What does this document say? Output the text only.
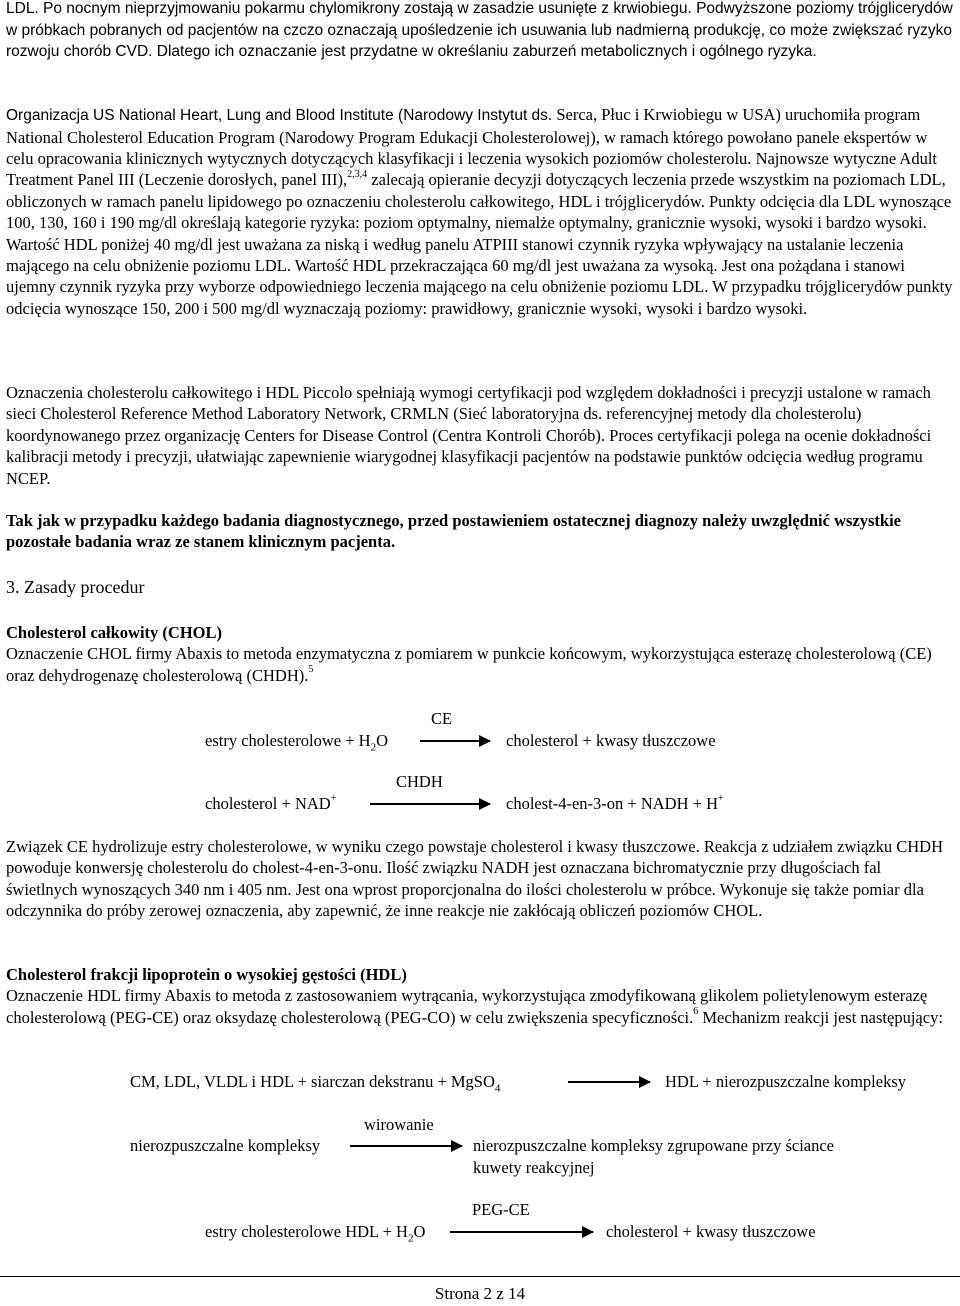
LDL. Po nocnym nieprzyjmowaniu pokarmu chylomikrony zostają w zasadzie usunięte z krwiobiegu. Podwyższone poziomy trójglicerydów w próbkach pobranych od pacjentów na czczo oznaczają upośledzenie ich usuwania lub nadmierną produkcję, co może zwiększać ryzyko rozwoju chorób CVD. Dlatego ich oznaczanie jest przydatne w określaniu zaburzeń metabolicznych i ogólnego ryzyka.

Organizacja US National Heart, Lung and Blood Institute (Narodowy Instytut ds. Serca, Płuc i Krwiobiegu w USA) uruchomiła program National Cholesterol Education Program (Narodowy Program Edukacji Cholesterolowej), w ramach którego powołano panele ekspertów w celu opracowania klinicznych wytycznych dotyczących klasyfikacji i leczenia wysokich poziomów cholesterolu. Najnowsze wytyczne Adult Treatment Panel III (Leczenie dorosłych, panel III),$^{2,3,4}$ zalecają opieranie decyzji dotyczących leczenia przede wszystkim na poziomach LDL, obliczonych w ramach panelu lipidowego po oznaczeniu cholesterolu całkowitego, HDL i trójglicerydów. Punkty odcięcia dla LDL wynoszące 100, 130, 160 i 190 mg/dl określają kategorie ryzyka: poziom optymalny, niemalże optymalny, granicznie wysoki, wysoki i bardzo wysoki. Wartość HDL poniżej 40 mg/dl jest uważana za niską i według panelu ATPIII stanowi czynnik ryzyka wpływający na ustalanie leczenia mającego na celu obniżenie poziomu LDL. Wartość HDL przekraczająca 60 mg/dl jest uważana za wysoką. Jest ona pożądana i stanowi ujemny czynnik ryzyka przy wyborze odpowiedniego leczenia mającego na celu obniżenie poziomu LDL. W przypadku trójglicerydów punkty odcięcia wynoszące 150, 200 i 500 mg/dl wyznaczają poziomy: prawidłowy, granicznie wysoki, wysoki i bardzo wysoki.

Oznaczenia cholesterolu całkowitego i HDL Piccolo spełniają wymogi certyfikacji pod względem dokładności i precyzji ustalone w ramach sieci Cholesterol Reference Method Laboratory Network, CRMLN (Sieć laboratoryjna ds. referencyjnej metody dla cholesterolu) koordynowanego przez organizację Centers for Disease Control (Centra Kontroli Chorób). Proces certyfikacji polega na ocenie dokładności kalibracji metody i precyzji, ułatwiając zapewnienie wiarygodnej klasyfikacji pacjentów na podstawie punktów odcięcia według programu NCEP.

Tak jak w przypadku każdego badania diagnostycznego, przed postawieniem ostatecznej diagnozy należy uwzględnić wszystkie pozostałe badania wraz ze stanem klinicznym pacjenta.

3. Zasady procedur

Cholesterol całkowity (CHOL)

Oznaczenie CHOL firmy Abaxis to metoda enzymatyczna z pomiarem w punkcie końcowym, wykorzystująca esterazę cholesterolową (CE) oraz dehydrogenazę cholesterolową (CHDH).$^5$

CE
estry cholesterolowe + $H_2O$	cholesterol + kwasy tłuszczowe
CHDH
cholesterol + NAD+	cholest-4-en-3-on + NADH + H+

Związek CE hydrolizuje estry cholesterolowe, w wyniku czego powstaje cholesterol i kwasy tłuszczowe. Reakcja z udziałem związku CHDH powoduje konwersję cholesterolu do cholest-4-en-3-onu. Ilość związku NADH jest oznaczana bichromatycznie przy długościach fal świetlnych wynoszących 340 nm i 405 nm. Jest ona wprost proporcjonalna do ilości cholesterolu w próbce. Wykonuje się także pomiar dla odczynnika do próby zerowej oznaczenia, aby zapewnić, że inne reakcje nie zakłócają obliczeń poziomów CHOL.

Cholesterol frakcji lipoprotein o wysokiej gęstości (HDL)

Oznaczenie HDL firmy Abaxis to metoda z zastosowaniem wytrącania, wykorzystująca zmodyfikowaną glikolem polietylenowym esterazę cholesterolową (PEG-CE) oraz oksydazę cholesterolową (PEG-CO) w celu zwiększenia specyficzności.$^6$ Mechanizm reakcji jest następujący:

CM, LDL, VLDL i HDL + siarczan dekstranu + MgSO$_4$	HDL + nierozpuszczalne kompleksy
wirowanie
nierozpuszczalne kompleksy	nierozpuszczalne kompleksy zgrupowane przy ściance
kuwety reakcyjnej
PEG-CE
estry cholesterolowe HDL + $H_2O$	cholesterol + kwasy tłuszczowe
Strona 2 z 14
